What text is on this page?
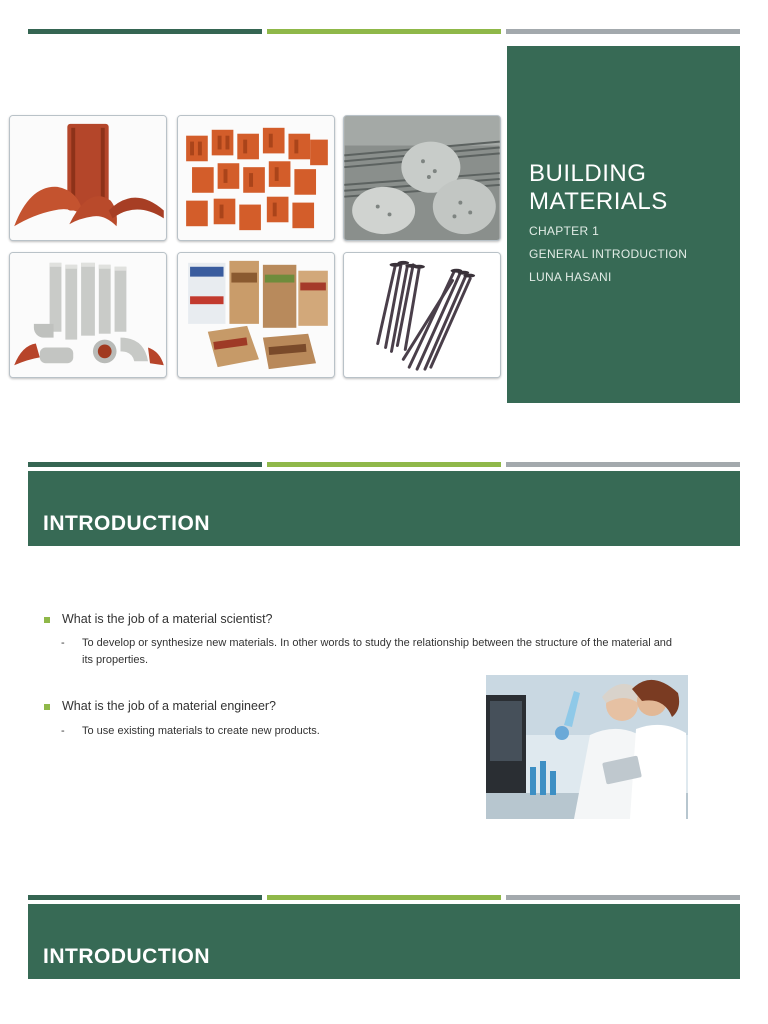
BUILDING MATERIALS
CHAPTER 1
GENERAL INTRODUCTION
LUNA HASANI
INTRODUCTION
What is the job of a material scientist?
- To develop or synthesize new materials. In other words to study the relationship between the structure of the material and
its properties.
What is the job of a material engineer?
- To use existing materials to create new products.
INTRODUCTION
